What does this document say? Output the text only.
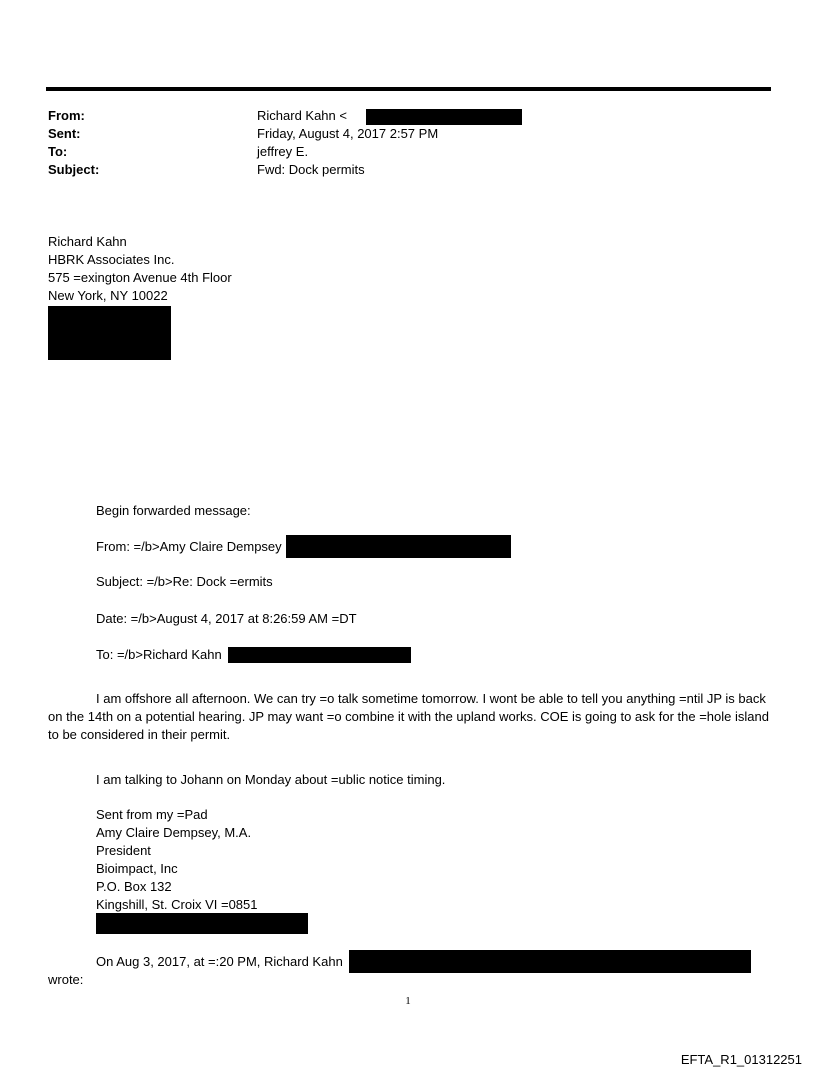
From:	Richard Kahn <
Sent:	Friday, August 4, 2017 2:57 PM
To:	jeffrey E.
Subject:	Fwd: Dock permits
Richard Kahn
HBRK Associates Inc.
575 =exington Avenue 4th Floor
New York, NY 10022
Begin forwarded message:
From: =/b>Amy Claire Dempsey
Subject: =/b>Re: Dock =ermits
Date: =/b>August 4, 2017 at 8:26:59 AM =DT
To: =/b>Richard Kahn
I am offshore all afternoon. We can try =o talk sometime tomorrow. I wont be able to tell you anything =ntil JP is back on the 14th on a potential hearing. JP may want =o combine it with the upland works. COE is going to ask for the =hole island to be considered in their permit.
I am talking to Johann on Monday about =ublic notice timing.
Sent from my =Pad
Amy Claire Dempsey, M.A.
President
Bioimpact, Inc
P.O. Box 132
Kingshill, St. Croix VI =0851
On Aug 3, 2017, at =:20 PM, Richard Kahn
wrote:
1
EFTA_R1_01312251
